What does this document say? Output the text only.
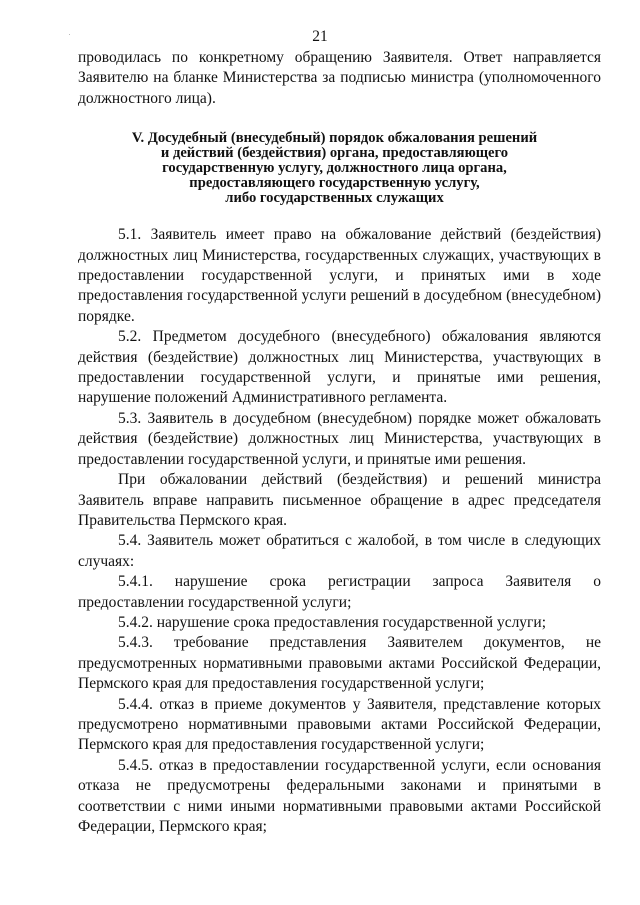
21

проводилась по конкретному обращению Заявителя. Ответ направляется Заявителю на бланке Министерства за подписью министра (уполномоченного должностного лица).

V. Досудебный (внесудебный) порядок обжалования решений
и действий (бездействия) органа, предоставляющего
государственную услугу, должностного лица органа,
предоставляющего государственную услугу,
либо государственных служащих

5.1. Заявитель имеет право на обжалование действий (бездействия) должностных лиц Министерства, государственных служащих, участвующих в предоставлении государственной услуги, и принятых ими в ходе предоставления государственной услуги решений в досудебном (внесудебном) порядке.

5.2. Предметом досудебного (внесудебного) обжалования являются действия (бездействие) должностных лиц Министерства, участвующих в предоставлении государственной услуги, и принятые ими решения, нарушение положений Административного регламента.

5.3. Заявитель в досудебном (внесудебном) порядке может обжаловать действия (бездействие) должностных лиц Министерства, участвующих в предоставлении государственной услуги, и принятые ими решения.

При обжаловании действий (бездействия) и решений министра Заявитель вправе направить письменное обращение в адрес председателя Правительства Пермского края.

5.4. Заявитель может обратиться с жалобой, в том числе в следующих случаях:

5.4.1. нарушение срока регистрации запроса Заявителя о предоставлении государственной услуги;

5.4.2. нарушение срока предоставления государственной услуги;

5.4.3. требование представления Заявителем документов, не предусмотренных нормативными правовыми актами Российской Федерации, Пермского края для предоставления государственной услуги;

5.4.4. отказ в приеме документов у Заявителя, представление которых предусмотрено нормативными правовыми актами Российской Федерации, Пермского края для предоставления государственной услуги;

5.4.5. отказ в предоставлении государственной услуги, если основания отказа не предусмотрены федеральными законами и принятыми в соответствии с ними иными нормативными правовыми актами Российской Федерации, Пермского края;
